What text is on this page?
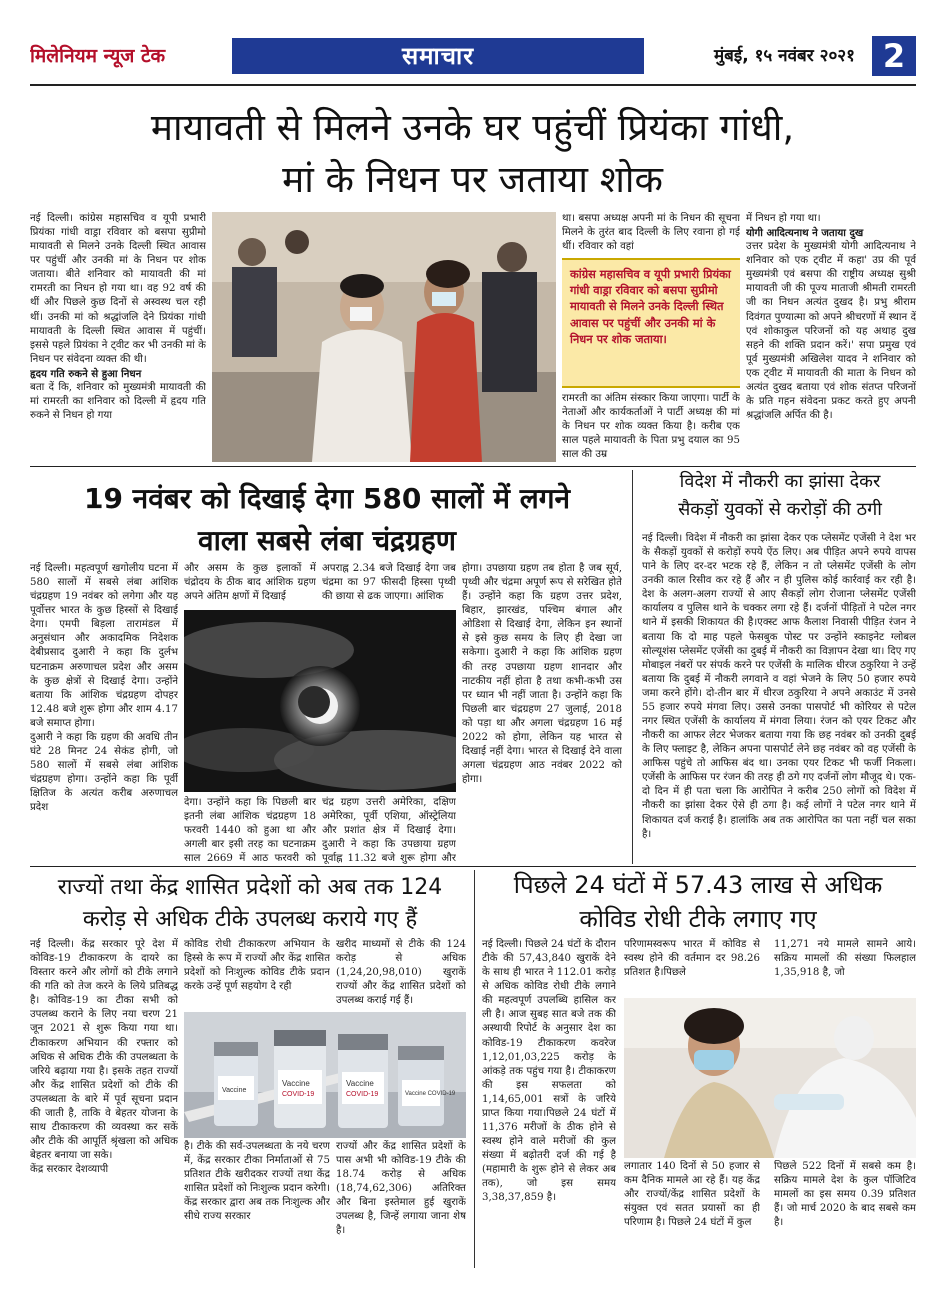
मिलेनियम न्यूज टेक	समाचार	मुंबई, १५ नवंबर २०२१ 2
मायावती से मिलने उनके घर पहुंचीं प्रियंका गांधी,
मां के निधन पर जताया शोक

नई दिल्ली। कांग्रेस महासचिव व यूपी प्रभारी प्रियंका गांधी वाड्रा रविवार को बसपा सुप्रीमो मायावती से मिलने उनके दिल्ली स्थित आवास पर पहुंचीं और उनकी मां के निधन पर शोक जताया। बीते शनिवार को मायावती की मां रामरती का निधन हो गया था। वह 92 वर्ष की थीं और पिछले कुछ दिनों से अस्वस्थ चल रही थीं। उनकी मां को श्रद्धांजलि देने प्रियंका गांधी मायावती के दिल्ली स्थित आवास में पहुंचीं। इससे पहले प्रियंका ने ट्वीट कर भी उनकी मां के निधन पर संवेदना व्यक्त की थी।

हृदय गति रुकने से हुआ निधन

बता दें कि, शनिवार को मुख्यमंत्री मायावती की मां रामरती का शनिवार को दिल्ली में हृदय गति रुकने से निधन हो गया

था। बसपा अध्यक्ष अपनी मां के निधन की सूचना मिलने के तुरंत बाद दिल्ली के लिए रवाना हो गई थीं। रविवार को वहां
कांग्रेस महासचिव व यूपी प्रभारी प्रियंका गांधी वाड्रा रविवार को बसपा सुप्रीमो मायावती से मिलने उनके दिल्ली स्थित आवास पर पहुंचीं और उनकी मां के निधन पर शोक जताया।
रामरती का अंतिम संस्कार किया जाएगा। पार्टी के नेताओं और कार्यकर्ताओं ने पार्टी अध्यक्ष की मां के निधन पर शोक व्यक्त किया है। करीब एक साल पहले मायावती के पिता प्रभु दयाल का 95 साल की उम्र

में निधन हो गया था।

योगी आदित्यनाथ ने जताया दुख

उत्तर प्रदेश के मुख्यमंत्री योगी आदित्यनाथ ने शनिवार को एक ट्वीट में कहा' उप्र की पूर्व मुख्यमंत्री एवं बसपा की राष्ट्रीय अध्यक्ष सुश्री मायावती जी की पूज्य माताजी श्रीमती रामरती जी का निधन अत्यंत दुखद है। प्रभु श्रीराम दिवंगत पुण्यात्मा को अपने श्रीचरणों में स्थान दें एवं शोकाकुल परिजनों को यह अथाह दुख सहने की शक्ति प्रदान करें।' सपा प्रमुख एवं पूर्व मुख्यमंत्री अखिलेश यादव ने शनिवार को एक ट्वीट में मायावती की माता के निधन को अत्यंत दुखद बताया एवं शोक संतप्त परिजनों के प्रति गहन संवेदना प्रकट करते हुए अपनी श्रद्धांजलि अर्पित की है।

19 नवंबर को दिखाई देगा 580 सालों में लगने
वाला सबसे लंबा चंद्रग्रहण

नई दिल्ली। महत्वपूर्ण खगोलीय घटना में 580 सालों में सबसे लंबा आंशिक चंद्रग्रहण 19 नवंबर को लगेगा और यह पूर्वोत्तर भारत के कुछ हिस्सों से दिखाई देगा। एमपी बिड़ला तारामंडल में अनुसंधान और अकादमिक निदेशक देबीप्रसाद दुआरी ने कहा कि दुर्लभ घटनाक्रम अरुणाचल प्रदेश और असम के कुछ क्षेत्रों से दिखाई देगा। उन्होंने बताया कि आंशिक चंद्रग्रहण दोपहर 12.48 बजे शुरू होगा और शाम 4.17 बजे समाप्त होगा।

दुआरी ने कहा कि ग्रहण की अवधि तीन घंटे 28 मिनट 24 सेकंड होगी, जो 580 सालों में सबसे लंबा आंशिक चंद्रग्रहण होगा। उन्होंने कहा कि पूर्वी क्षितिज के अत्यंत करीब अरुणाचल प्रदेश

और असम के कुछ इलाकों में चंद्रोदय के ठीक बाद आंशिक ग्रहण अपने अंतिम क्षणों में दिखाई
अपराह्न 2.34 बजे दिखाई देगा जब चंद्रमा का 97 फीसदी हिस्सा पृथ्वी की छाया से ढक जाएगा। आंशिक
देगा। उन्होंने कहा कि पिछली बार इतनी लंबा आंशिक चंद्रग्रहण 18 फरवरी 1440 को हुआ था और अगली बार इसी तरह का घटनाक्रम साल 2669 में आठ फरवरी को
चंद्र ग्रहण उत्तरी अमेरिका, दक्षिण अमेरिका, पूर्वी एशिया, ऑस्ट्रेलिया और प्रशांत क्षेत्र में दिखाई देगा। दुआरी ने कहा कि उपछाया ग्रहण पूर्वाह्न 11.32 बजे शुरू होगा और
होगा। उपछाया ग्रहण तब होता है जब सूर्य, पृथ्वी और चंद्रमा अपूर्ण रूप से सरेखित होते हैं। उन्होंने कहा कि ग्रहण उत्तर प्रदेश, बिहार, झारखंड, पश्चिम बंगाल और ओडिशा से दिखाई देगा, लेकिन इन स्थानों से इसे कुछ समय के लिए ही देखा जा सकेगा। दुआरी ने कहा कि आंशिक ग्रहण की तरह उपछाया ग्रहण शानदार और नाटकीय नहीं होता है तथा कभी-कभी उस पर ध्यान भी नहीं जाता है। उन्होंने कहा कि पिछली बार चंद्रग्रहण 27 जुलाई, 2018 को पड़ा था और अगला चंद्रग्रहण 16 मई 2022 को होगा, लेकिन यह भारत से दिखाई नहीं देगा। भारत से दिखाई देने वाला अगला चंद्रग्रहण आठ नवंबर 2022 को होगा।
विदेश में नौकरी का झांसा देकर
सैकड़ों युवकों से करोड़ों की ठगी
नई दिल्ली। विदेश में नौकरी का झांसा देकर एक प्लेसमेंट एजेंसी ने देश भर के सैकड़ों युवकों से करोड़ों रुपये ऐंठ लिए। अब पीड़ित अपने रुपये वापस पाने के लिए दर-दर भटक रहे हैं, लेकिन न तो प्लेसमेंट एजेंसी के लोग उनकी काल रिसीव कर रहे हैं और न ही पुलिस कोई कार्रवाई कर रही है। देश के अलग-अलग राज्यों से आए सैकड़ों लोग रोजाना प्लेसमेंट एजेंसी कार्यालय व पुलिस थाने के चक्कर लगा रहे हैं। दर्जनों पीड़ितों ने पटेल नगर थाने में इसकी शिकायत की है।एक्स्ट आफ कैलाश निवासी पीड़ित रंजन ने बताया कि दो माह पहले फेसबुक पोस्ट पर उन्होंने स्काइनेट ग्लोबल सोल्यूशंस प्लेसमेंट एजेंसी का दुबई में नौकरी का विज्ञापन देखा था। दिए गए मोबाइल नंबरों पर संपर्क करने पर एजेंसी के मालिक धीरज ठकुरिया ने उन्हें बताया कि दुबई में नौकरी लगवाने व वहां भेजने के लिए 50 हजार रुपये जमा करने होंगे। दो-तीन बार में धीरज ठकुरिया ने अपने अकाउंट में उनसे 55 हजार रुपये मंगवा लिए। उससे उनका पासपोर्ट भी कोरियर से पटेल नगर स्थित एजेंसी के कार्यालय में मंगवा लिया। रंजन को एयर टिकट और नौकरी का आफर लेटर भेजकर बताया गया कि छह नवंबर को उनकी दुबई के लिए फ्लाइट है, लेकिन अपना पासपोर्ट लेने छह नवंबर को वह एजेंसी के आफिस पहुंचे तो आफिस बंद था। उनका एयर टिकट भी फर्जी निकला। एजेंसी के आफिस पर रंजन की तरह ही ठगे गए दर्जनों लोग मौजूद थे। एक-दो दिन में ही पता चला कि आरोपित ने करीब 250 लोगों को विदेश में नौकरी का झांसा देकर ऐसे ही ठगा है। कई लोगों ने पटेल नगर थाने में शिकायत दर्ज कराई है। हालांकि अब तक आरोपित का पता नहीं चल सका है।
राज्यों तथा केंद्र शासित प्रदेशों को अब तक 124
करोड़ से अधिक टीके उपलब्ध कराये गए हैं

नई दिल्ली। केंद्र सरकार पूरे देश में कोविड-19 टीकाकरण के दायरे का विस्तार करने और लोगों को टीके लगाने की गति को तेज करने के लिये प्रतिबद्ध है। कोविड-19 का टीका सभी को उपलब्ध कराने के लिए नया चरण 21 जून 2021 से शुरू किया गया था। टीकाकरण अभियान की रफ्तार को अधिक से अधिक टीके की उपलब्धता के जरिये बढ़ाया गया है। इसके तहत राज्यों और केंद्र शासित प्रदेशों को टीके की उपलब्धता के बारे में पूर्व सूचना प्रदान की जाती है, ताकि वे बेहतर योजना के साथ टीकाकरण की व्यवस्था कर सकें और टीके की आपूर्ति श्रृंखला को अधिक बेहतर बनाया जा सके।

केंद्र सरकार देशव्यापी

कोविड रोधी टीकाकरण अभियान के हिस्से के रूप में राज्यों और केंद्र शासित प्रदेशों को निःशुल्क कोविड टीके प्रदान करके उन्हें पूर्ण सहयोग दे रही
खरीद माध्यमों से टीके की 124 करोड़ से अधिक (1,24,20,98,010) खुराकें राज्यों और केंद्र शासित प्रदेशों को उपलब्ध कराई गई हैं।
Vaccine
Vaccine
COVID-19
Vaccine
COVID-19	Vaccine COVID-19
है। टीके की सर्व-उपलब्धता के नये चरण में, केंद्र सरकार टीका निर्माताओं से 75 प्रतिशत टीके खरीदकर राज्यों तथा केंद्र शासित प्रदेशों को निःशुल्क प्रदान करेगी।केंद्र सरकार द्वारा अब तक निःशुल्क और सीधे राज्य सरकार
राज्यों और केंद्र शासित प्रदेशों के पास अभी भी कोविड-19 टीके की 18.74 करोड़ से अधिक (18,74,62,306) अतिरिक्त और बिना इस्तेमाल हुई खुराकें उपलब्ध है, जिन्हें लगाया जाना शेष है।
पिछले 24 घंटों में 57.43 लाख से अधिक
कोविड रोधी टीके लगाए गए
नई दिल्ली। पिछले 24 घंटों के दौरान टीके की 57,43,840 खुराकें देने के साथ ही भारत ने 112.01 करोड़ से अधिक कोविड रोधी टीके लगाने की महत्वपूर्ण उपलब्धि हासिल कर ली है। आज सुबह सात बजे तक की अस्थायी रिपोर्ट के अनुसार देश का कोविड-19 टीकाकरण कवरेज 1,12,01,03,225 करोड़ के आंकड़े तक पहुंच गया है। टीकाकरण की इस सफलता को 1,14,65,001 सत्रों के जरिये प्राप्त किया गया।पिछले 24 घंटों में 11,376 मरीजों के ठीक होने से स्वस्थ होने वाले मरीजों की कुल संख्या में बढ़ोतरी दर्ज की गई है (महामारी के शुरू होने से लेकर अब तक), जो इस समय 3,38,37,859 है।
परिणामस्वरूप भारत में कोविड से स्वस्थ होने की वर्तमान दर 98.26 प्रतिशत है।पिछले
11,271 नये मामले सामने आये।सक्रिय मामलों की संख्या फिलहाल 1,35,918 है, जो
लगातार 140 दिनों से 50 हजार से कम दैनिक मामले आ रहे हैं। यह केंद्र और राज्यों/केंद्र शासित प्रदेशों के संयुक्त एवं सतत प्रयासों का ही परिणाम है। पिछले 24 घंटों में कुल
पिछले 522 दिनों में सबसे कम है। सक्रिय मामले देश के कुल पॉजिटिव मामलों का इस समय 0.39 प्रतिशत हैं। जो मार्च 2020 के बाद सबसे कम है।
